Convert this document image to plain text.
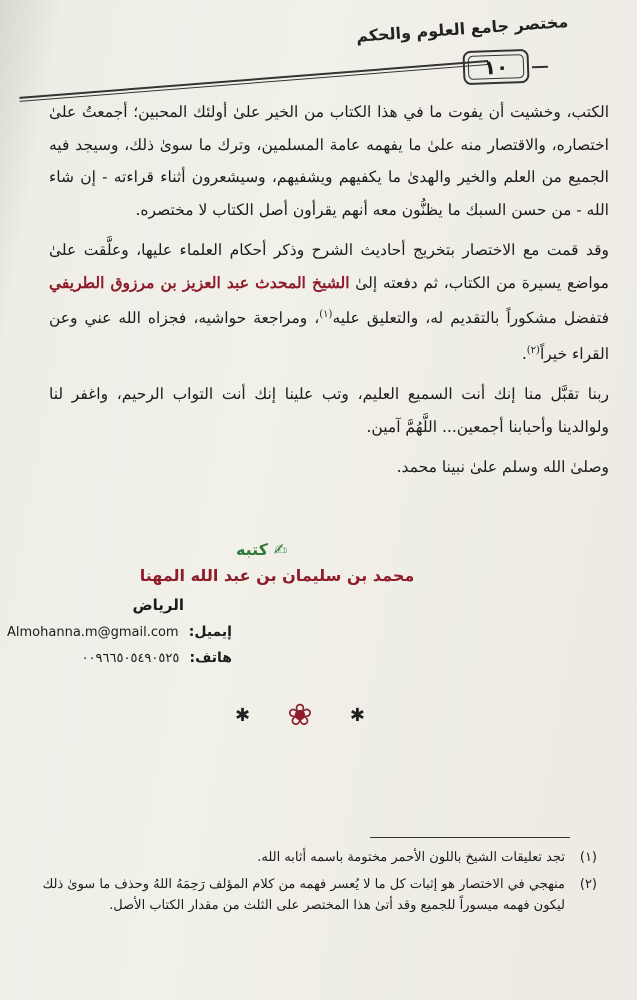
مختصر جامع العلوم والحكم
١٠

الكتب، وخشيت أن يفوت ما في هذا الكتاب من الخير علىٰ أولئك المحبين؛ أجمعتُ علىٰ اختصاره، والاقتصار منه علىٰ ما يفهمه عامة المسلمين، وترك ما سوىٰ ذلك، وسيجد فيه الجميع من العلم والخير والهدىٰ ما يكفيهم ويشفيهم، وسيشعرون أثناء قراءته - إن شاء الله - من حسن السبك ما يظنُّون معه أنهم يقرأون أصل الكتاب لا مختصره.

وقد قمت مع الاختصار بتخريج أحاديث الشرح وذكر أحكام العلماء عليها، وعلَّقت علىٰ مواضع يسيرة من الكتاب، ثم دفعته إلىٰ الشيخ المحدث عبد العزيز بن مرزوق الطريفي فتفضل مشكوراً بالتقديم له، والتعليق عليه$^{(١)}$، ومراجعة حواشيه، فجزاه الله عني وعن القراء خيراً$^{(٢)}$.

ربنا تقبَّل منا إنك أنت السميع العليم، وتب علينا إنك أنت التواب الرحيم، واغفر لنا ولوالدينا وأحبابنا أجمعين... اللَّهُمَّ آمين.

وصلىٰ الله وسلم علىٰ نبينا محمد.

✍ كتبه
محمد بن سليمان بن عبد الله المهنا
الرياض
إيميل: Almohanna.m@gmail.com
هاتف: ٠٠٩٦٦٥٠٥٤٩٠٥٢٥
✱ ❀ ✱
(١)
تجد تعليقات الشيخ باللون الأحمر مختومة باسمه أثابه الله.
(٢)
منهجي في الاختصار هو إثبات كل ما لا يُعسر فهمه من كلام المؤلف رَحِمَهُ اللهُ وحذف ما سوىٰ ذلك ليكون فهمه ميسوراً للجميع وقد أتىٰ هذا المختصر على الثلث من مقدار الكتاب الأصل.
